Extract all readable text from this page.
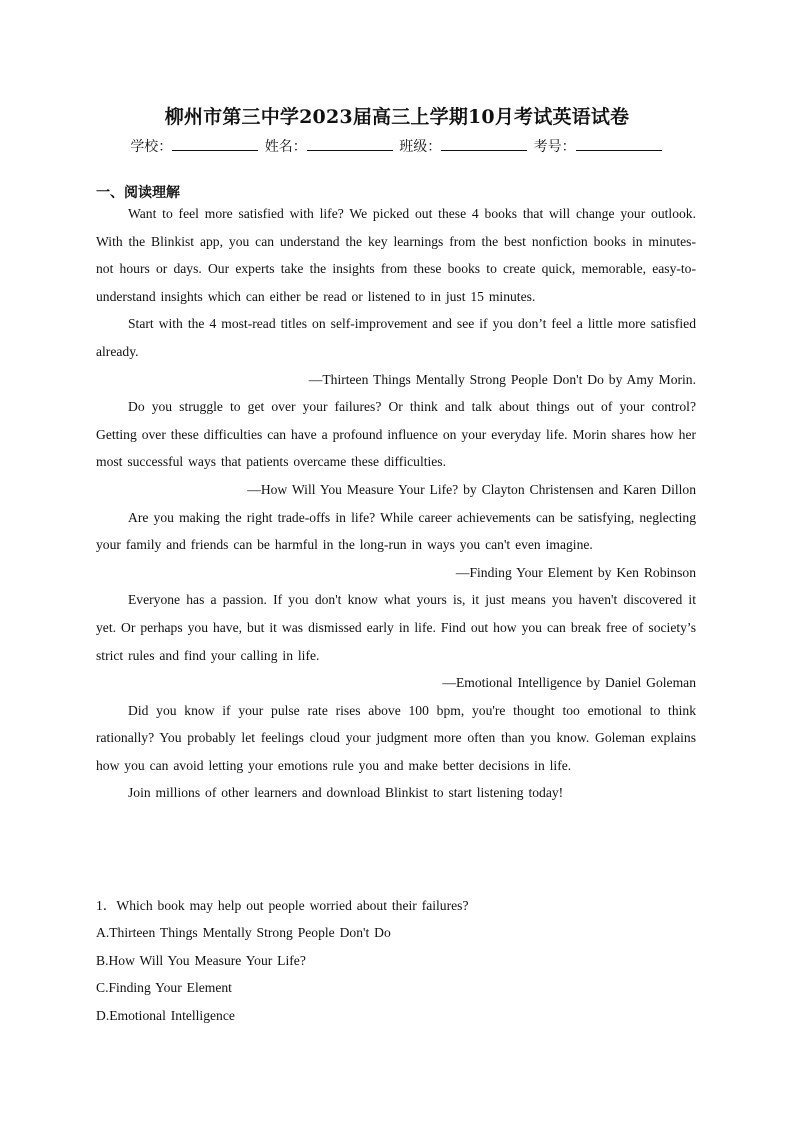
柳州市第三中学2023届高三上学期10月考试英语试卷
学校：	姓名：	班级：	考号：
一、阅读理解

Want to feel more satisfied with life? We picked out these 4 books that will change your outlook. With the Blinkist app, you can understand the key learnings from the best nonfiction books in minutes-not hours or days. Our experts take the insights from these books to create quick, memorable, easy-to-understand insights which can either be read or listened to in just 15 minutes.

Start with the 4 most-read titles on self-improvement and see if you don’t feel a little more satisfied already.

—Thirteen Things Mentally Strong People Don't Do by Amy Morin.

Do you struggle to get over your failures? Or think and talk about things out of your control? Getting over these difficulties can have a profound influence on your everyday life. Morin shares how her most successful ways that patients overcame these difficulties.

—How Will You Measure Your Life? by Clayton Christensen and Karen Dillon

Are you making the right trade-offs in life? While career achievements can be satisfying, neglecting your family and friends can be harmful in the long-run in ways you can't even imagine.

—Finding Your Element by Ken Robinson

Everyone has a passion. If you don't know what yours is, it just means you haven't discovered it yet. Or perhaps you have, but it was dismissed early in life. Find out how you can break free of society’s strict rules and find your calling in life.

—Emotional Intelligence by Daniel Goleman

Did you know if your pulse rate rises above 100 bpm, you're thought too emotional to think rationally? You probably let feelings cloud your judgment more often than you know. Goleman explains how you can avoid letting your emotions rule you and make better decisions in life.

Join millions of other learners and download Blinkist to start listening today!

1．Which book may help out people worried about their failures?

A.Thirteen Things Mentally Strong People Don't Do

B.How Will You Measure Your Life?

C.Finding Your Element

D.Emotional Intelligence
